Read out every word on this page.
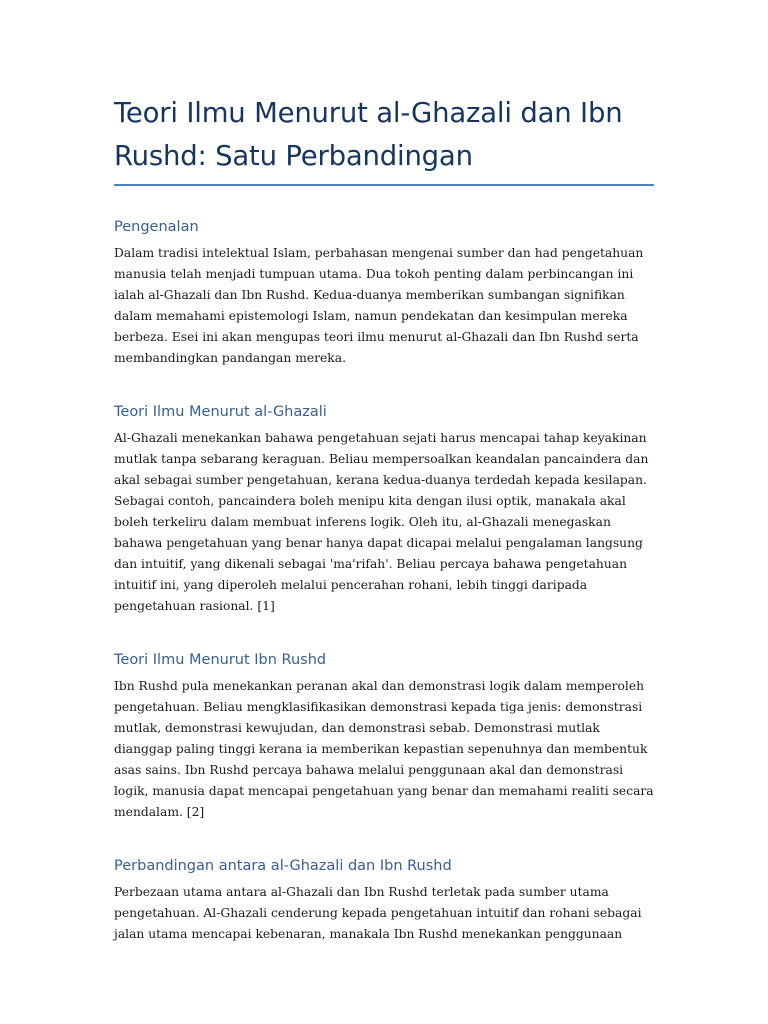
Teori Ilmu Menurut al-Ghazali dan Ibn Rushd: Satu Perbandingan
Pengenalan

Dalam tradisi intelektual Islam, perbahasan mengenai sumber dan had pengetahuan manusia telah menjadi tumpuan utama. Dua tokoh penting dalam perbincangan ini ialah al-Ghazali dan Ibn Rushd. Kedua-duanya memberikan sumbangan signifikan dalam memahami epistemologi Islam, namun pendekatan dan kesimpulan mereka berbeza. Esei ini akan mengupas teori ilmu menurut al-Ghazali dan Ibn Rushd serta membandingkan pandangan mereka.

Teori Ilmu Menurut al-Ghazali

Al-Ghazali menekankan bahawa pengetahuan sejati harus mencapai tahap keyakinan mutlak tanpa sebarang keraguan. Beliau mempersoalkan keandalan pancaindera dan akal sebagai sumber pengetahuan, kerana kedua-duanya terdedah kepada kesilapan. Sebagai contoh, pancaindera boleh menipu kita dengan ilusi optik, manakala akal boleh terkeliru dalam membuat inferens logik. Oleh itu, al-Ghazali menegaskan bahawa pengetahuan yang benar hanya dapat dicapai melalui pengalaman langsung dan intuitif, yang dikenali sebagai 'ma'rifah'. Beliau percaya bahawa pengetahuan intuitif ini, yang diperoleh melalui pencerahan rohani, lebih tinggi daripada pengetahuan rasional. [1]

Teori Ilmu Menurut Ibn Rushd

Ibn Rushd pula menekankan peranan akal dan demonstrasi logik dalam memperoleh pengetahuan. Beliau mengklasifikasikan demonstrasi kepada tiga jenis: demonstrasi mutlak, demonstrasi kewujudan, dan demonstrasi sebab. Demonstrasi mutlak dianggap paling tinggi kerana ia memberikan kepastian sepenuhnya dan membentuk asas sains. Ibn Rushd percaya bahawa melalui penggunaan akal dan demonstrasi logik, manusia dapat mencapai pengetahuan yang benar dan memahami realiti secara mendalam. [2]

Perbandingan antara al-Ghazali dan Ibn Rushd

Perbezaan utama antara al-Ghazali dan Ibn Rushd terletak pada sumber utama pengetahuan. Al-Ghazali cenderung kepada pengetahuan intuitif dan rohani sebagai jalan utama mencapai kebenaran, manakala Ibn Rushd menekankan penggunaan
